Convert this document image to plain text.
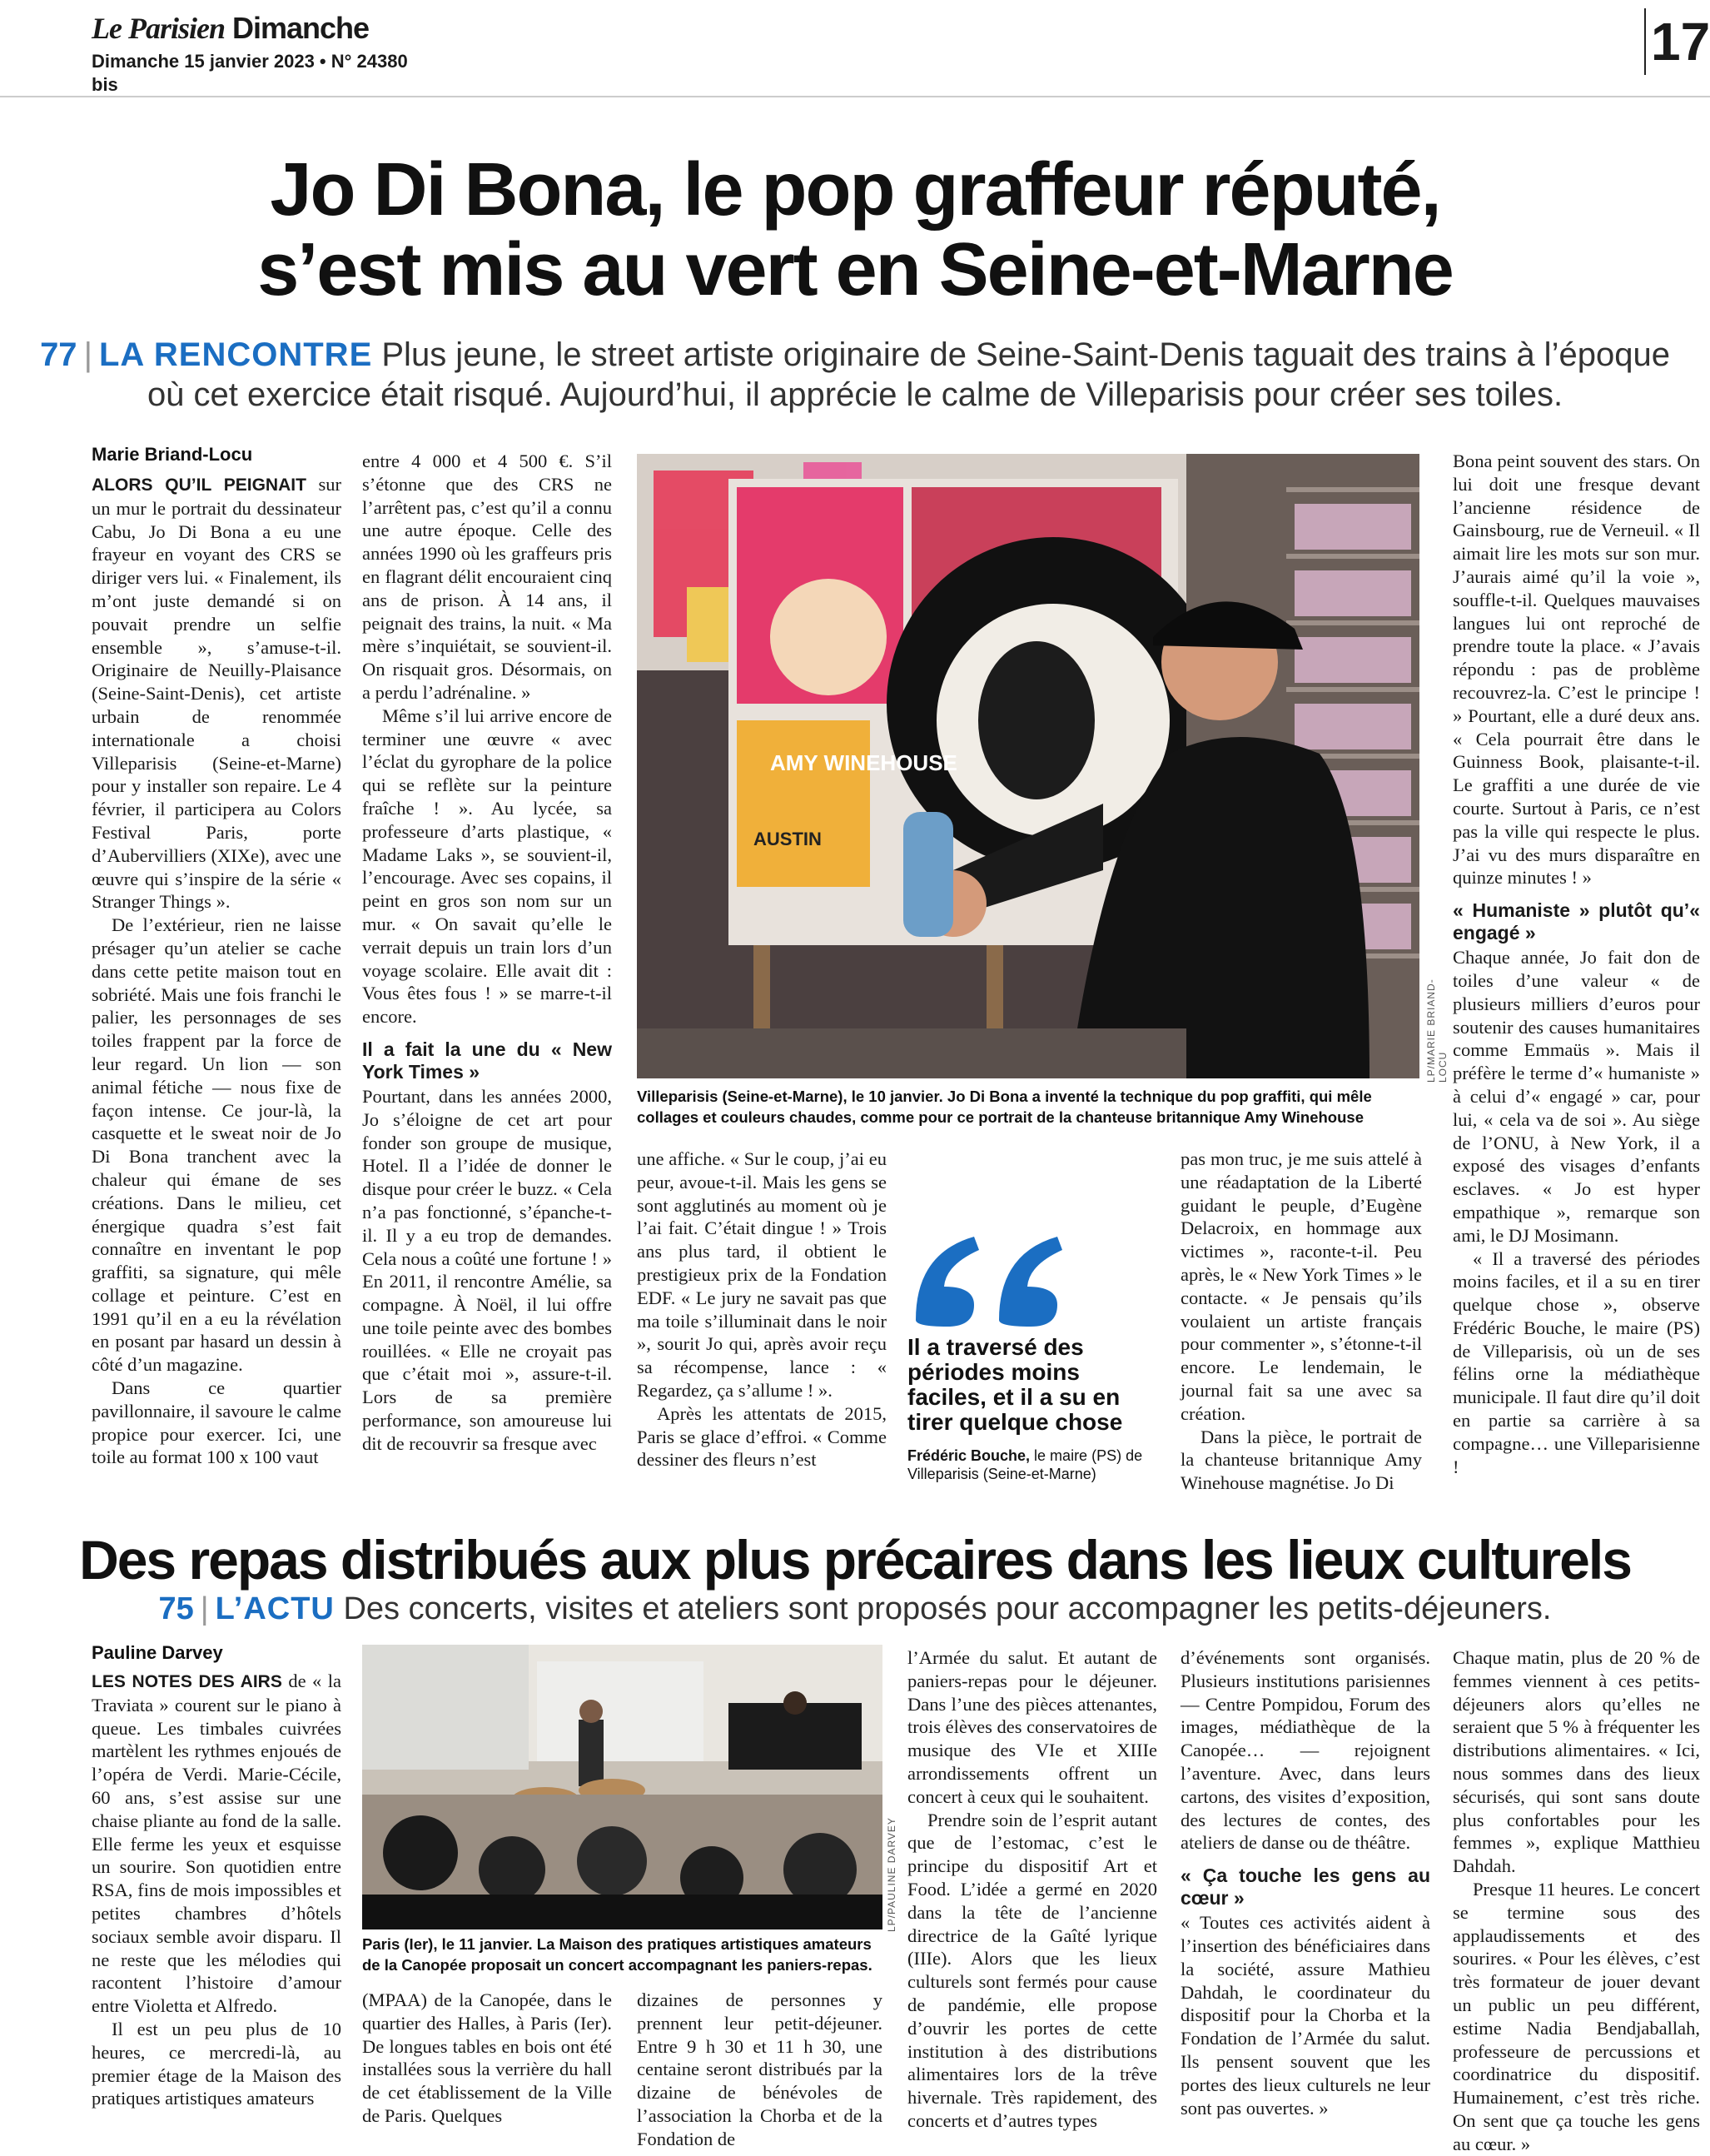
Le Parisien Dimanche
Dimanche 15 janvier 2023 • N° 24380 bis
17
Jo Di Bona, le pop graffeur réputé,
s’est mis au vert en Seine-et-Marne
77 | LA RENCONTRE Plus jeune, le street artiste originaire de Seine-Saint-Denis taguait des trains à l’époque
où cet exercice était risqué. Aujourd’hui, il apprécie le calme de Villeparisis pour créer ses toiles.
Marie Briand-Locu

ALORS QU’IL PEIGNAIT sur un mur le portrait du dessinateur Cabu, Jo Di Bona a eu une frayeur en voyant des CRS se diriger vers lui. « Finalement, ils m’ont juste demandé si on pouvait prendre un selfie ensemble », s’amuse-t-il. Originaire de Neuilly-Plaisance (Seine-Saint-Denis), cet artiste urbain de renommée internationale a choisi Villeparisis (Seine-et-Marne) pour y installer son repaire. Le 4 février, il participera au Colors Festival Paris, porte d’Aubervilliers (XIXe), avec une œuvre qui s’inspire de la série « Stranger Things ».

De l’extérieur, rien ne laisse présager qu’un atelier se cache dans cette petite maison tout en sobriété. Mais une fois franchi le palier, les personnages de ses toiles frappent par la force de leur regard. Un lion — son animal fétiche — nous fixe de façon intense. Ce jour-là, la casquette et le sweat noir de Jo Di Bona tranchent avec la chaleur qui émane de ses créations. Dans le milieu, cet énergique quadra s’est fait connaître en inventant le pop graffiti, sa signature, qui mêle collage et peinture. C’est en 1991 qu’il en a eu la révélation en posant par hasard un dessin à côté d’un magazine.

Dans ce quartier pavillonnaire, il savoure le calme propice pour exercer. Ici, une toile au format 100 x 100 vaut

entre 4 000 et 4 500 €. S’il s’étonne que des CRS ne l’arrêtent pas, c’est qu’il a connu une autre époque. Celle des années 1990 où les graffeurs pris en flagrant délit encouraient cinq ans de prison. À 14 ans, il peignait des trains, la nuit. « Ma mère s’inquiétait, se souvient-il. On risquait gros. Désormais, on a perdu l’adrénaline. »

Même s’il lui arrive encore de terminer une œuvre « avec l’éclat du gyrophare de la police qui se reflète sur la peinture fraîche ! ». Au lycée, sa professeure d’arts plastique, « Madame Laks », se souvient-il, l’encourage. Avec ses copains, il peint en gros son nom sur un mur. « On savait qu’elle le verrait depuis un train lors d’un voyage scolaire. Elle avait dit : Vous êtes fous ! » se marre-t-il encore.

Il a fait la une du « New York Times »

Pourtant, dans les années 2000, Jo s’éloigne de cet art pour fonder son groupe de musique, Hotel. Il a l’idée de donner le disque pour créer le buzz. « Cela n’a pas fonctionné, s’épanche-t-il. Il y a eu trop de demandes. Cela nous a coûté une fortune ! » En 2011, il rencontre Amélie, sa compagne. À Noël, il lui offre une toile peinte avec des bombes rouillées. « Elle ne croyait pas que c’était moi », assure-t-il. Lors de sa première performance, son amoureuse lui dit de recouvrir sa fresque avec

AMY WINEHOUSE
AUSTIN
LP/MARIE BRIAND-LOCU
Villeparisis (Seine-et-Marne), le 10 janvier. Jo Di Bona a inventé la technique du pop graffiti, qui mêle
collages et couleurs chaudes, comme pour ce portrait de la chanteuse britannique Amy Winehouse

une affiche. « Sur le coup, j’ai eu peur, avoue-t-il. Mais les gens se sont agglutinés au moment où je l’ai fait. C’était dingue ! » Trois ans plus tard, il obtient le prestigieux prix de la Fondation EDF. « Le jury ne savait pas que ma toile s’illuminait dans le noir », sourit Jo qui, après avoir reçu sa récompense, lance : « Regardez, ça s’allume ! ».

Après les attentats de 2015, Paris se glace d’effroi. « Comme dessiner des fleurs n’est

Il a traversé des périodes moins faciles, et il a su en tirer quelque chose
Frédéric Bouche, le maire (PS) de Villeparisis (Seine-et-Marne)

pas mon truc, je me suis attelé à une réadaptation de la Liberté guidant le peuple, d’Eugène Delacroix, en hommage aux victimes », raconte-t-il. Peu après, le « New York Times » le contacte. « Je pensais qu’ils voulaient un artiste français pour commenter », s’étonne-t-il encore. Le lendemain, le journal fait sa une avec sa création.

Dans la pièce, le portrait de la chanteuse britannique Amy Winehouse magnétise. Jo Di

Bona peint souvent des stars. On lui doit une fresque devant l’ancienne résidence de Gainsbourg, rue de Verneuil. « Il aimait lire les mots sur son mur. J’aurais aimé qu’il la voie », souffle-t-il. Quelques mauvaises langues lui ont reproché de prendre toute la place. « J’avais répondu : pas de problème recouvrez-la. C’est le principe ! » Pourtant, elle a duré deux ans. « Cela pourrait être dans le Guinness Book, plaisante-t-il. Le graffiti a une durée de vie courte. Surtout à Paris, ce n’est pas la ville qui respecte le plus. J’ai vu des murs disparaître en quinze minutes ! »

« Humaniste » plutôt qu’« engagé »

Chaque année, Jo fait don de toiles d’une valeur « de plusieurs milliers d’euros pour soutenir des causes humanitaires comme Emmaüs ». Mais il préfère le terme d’« humaniste » à celui d’« engagé » car, pour lui, « cela va de soi ». Au siège de l’ONU, à New York, il a exposé des visages d’enfants esclaves. « Jo est hyper empathique », remarque son ami, le DJ Mosimann.

« Il a traversé des périodes moins faciles, et il a su en tirer quelque chose », observe Frédéric Bouche, le maire (PS) de Villeparisis, où un de ses félins orne la médiathèque municipale. Il faut dire qu’il doit en partie sa carrière à sa compagne… une Villeparisienne !

Des repas distribués aux plus précaires dans les lieux culturels
75 | L’ACTU Des concerts, visites et ateliers sont proposés pour accompagner les petits-déjeuners.
Pauline Darvey

LES NOTES DES AIRS de « la Traviata » courent sur le piano à queue. Les timbales cuivrées martèlent les rythmes enjoués de l’opéra de Verdi. Marie-Cécile, 60 ans, s’est assise sur une chaise pliante au fond de la salle. Elle ferme les yeux et esquisse un sourire. Son quotidien entre RSA, fins de mois impossibles et petites chambres d’hôtels sociaux semble avoir disparu. Il ne reste que les mélodies qui racontent l’histoire d’amour entre Violetta et Alfredo.

Il est un peu plus de 10 heures, ce mercredi-là, au premier étage de la Maison des pratiques artistiques amateurs

LP/PAULINE DARVEY
Paris (Ier), le 11 janvier. La Maison des pratiques artistiques amateurs
de la Canopée proposait un concert accompagnant les paniers-repas.

(MPAA) de la Canopée, dans le quartier des Halles, à Paris (Ier). De longues tables en bois ont été installées sous la verrière du hall de cet établissement de la Ville de Paris. Quelques

dizaines de personnes y prennent leur petit-déjeuner. Entre 9 h 30 et 11 h 30, une centaine seront distribués par la dizaine de bénévoles de l’association la Chorba et de la Fondation de

l’Armée du salut. Et autant de paniers-repas pour le déjeuner. Dans l’une des pièces attenantes, trois élèves des conservatoires de musique des VIe et XIIIe arrondissements offrent un concert à ceux qui le souhaitent.

Prendre soin de l’esprit autant que de l’estomac, c’est le principe du dispositif Art et Food. L’idée a germé en 2020 dans la tête de l’ancienne directrice de la Gaîté lyrique (IIIe). Alors que les lieux culturels sont fermés pour cause de pandémie, elle propose d’ouvrir les portes de cette institution à des distributions alimentaires lors de la trêve hivernale. Très rapidement, des concerts et d’autres types

d’événements sont organisés. Plusieurs institutions parisiennes — Centre Pompidou, Forum des images, médiathèque de la Canopée… — rejoignent l’aventure. Avec, dans leurs cartons, des visites d’exposition, des lectures de contes, des ateliers de danse ou de théâtre.

« Ça touche les gens au cœur »

« Toutes ces activités aident à l’insertion des bénéficiaires dans la société, assure Mathieu Dahdah, le coordinateur du dispositif pour la Chorba et la Fondation de l’Armée du salut. Ils pensent souvent que les portes des lieux culturels ne leur sont pas ouvertes. »

Chaque matin, plus de 20 % de femmes viennent à ces petits-déjeuners alors qu’elles ne seraient que 5 % à fréquenter les distributions alimentaires. « Ici, nous sommes dans des lieux sécurisés, qui sont sans doute plus confortables pour les femmes », explique Matthieu Dahdah.

Presque 11 heures. Le concert se termine sous des applaudissements et des sourires. « Pour les élèves, c’est très formateur de jouer devant un public un peu différent, estime Nadia Bendjaballah, professeure de percussions et coordinatrice du dispositif. Humainement, c’est très riche. On sent que ça touche les gens au cœur. »
